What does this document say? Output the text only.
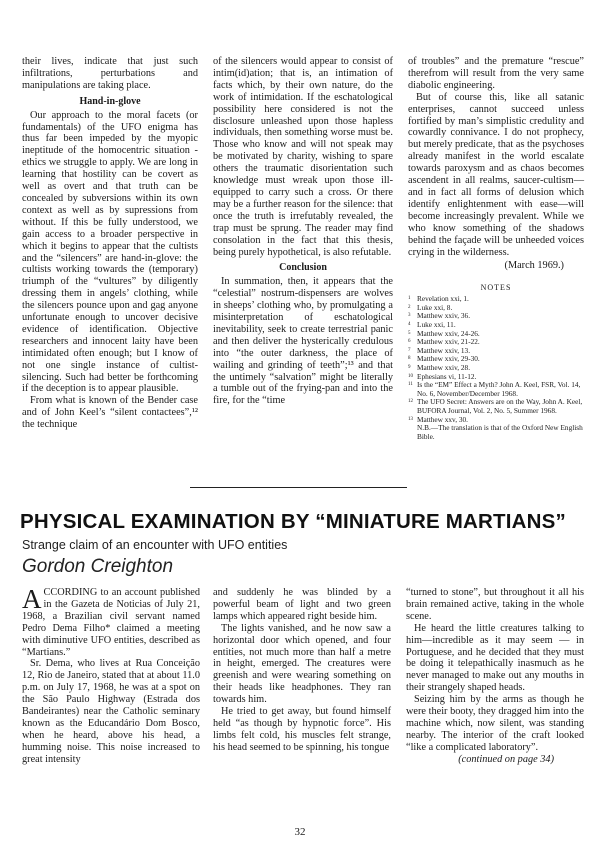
their lives, indicate that just such infiltrations, perturbations and manipulations are taking place.

Hand-in-glove

Our approach to the moral facets (or fundamentals) of the UFO enigma has thus far been impeded by the myopic ineptitude of the homocentric situation - ethics we struggle to apply. We are long in learning that hostility can be covert as well as overt and that truth can be concealed by subversions within its own context as well as by supressions from without. If this be fully understood, we gain access to a broader perspective in which it begins to appear that the cultists and the “silencers” are hand-in-glove: the cultists working towards the (temporary) triumph of the “vultures” by diligently dressing them in angels’ clothing, while the silencers pounce upon and gag anyone unfortunate enough to uncover decisive evidence of identification. Objective researchers and innocent laity have been intimidated often enough; but I know of not one single instance of cultist-silencing. Such had better be forthcoming if the deception is to appear plausible.

From what is known of the Bender case and of John Keel’s “silent contactees”,¹² the technique

of the silencers would appear to consist of intim(id)ation; that is, an intimation of facts which, by their own nature, do the work of intimidation. If the eschatological possibility here considered is not the disclosure unleashed upon those hapless individuals, then something worse must be. Those who know and will not speak may be motivated by charity, wishing to spare others the traumatic disorientation such knowledge must wreak upon those ill-equipped to carry such a cross. Or there may be a further reason for the silence: that once the truth is irrefutably revealed, the trap must be sprung. The reader may find consolation in the fact that this thesis, being purely hypothetical, is also refutable.

Conclusion

In summation, then, it appears that the “celestial” nostrum-dispensers are wolves in sheeps’ clothing who, by promulgating a misinterpretation of eschatological inevitability, seek to create terrestrial panic and then deliver the hysterically credulous into “the outer darkness, the place of wailing and grinding of teeth”;¹³ and that the untimely “salvation” might be literally a tumble out of the frying-pan and into the fire, for the “time

of troubles” and the premature “rescue” therefrom will result from the very same diabolic engineering.

But of course this, like all satanic enterprises, cannot succeed unless fortified by man’s simplistic credulity and cowardly connivance. I do not prophecy, but merely predicate, that as the psychoses already manifest in the world escalate towards paroxysm and as chaos becomes ascendent in all realms, saucer-cultism—and in fact all forms of delusion which identify enlightenment with ease—will become increasingly prevalent. While we who know something of the shadows behind the façade will be unheeded voices crying in the wilderness.

(March 1969.)
NOTES
1 Revelation xxi, 1.
2 Luke xxi, 8.
3 Matthew xxiv, 36.
4 Luke xxi, 11.
5 Matthew xxiv, 24-26.
6 Matthew xxiv, 21-22.
7 Matthew xxiv, 13.
8 Matthew xxiv, 29-30.
9 Matthew xxiv, 28.
10 Ephesians vi, 11-12.
11 Is the “EM” Effect a Myth? John A. Keel, FSR, Vol. 14, No. 6, November/December 1968.
12 The UFO Secret: Answers are on the Way, John A. Keel, BUFORA Journal, Vol. 2, No. 5, Summer 1968.
13 Matthew xxv, 30.
N.B.—The translation is that of the Oxford New English Bible.
PHYSICAL EXAMINATION BY “MINIATURE MARTIANS”
Strange claim of an encounter with UFO entities
Gordon Creighton

ACCORDING to an account published in the Gazeta de Noticias of July 21, 1968, a Brazilian civil servant named Pedro Dema Filho* claimed a meeting with diminutive UFO entities, described as “Martians.”

Sr. Dema, who lives at Rua Conceição 12, Rio de Janeiro, stated that at about 11.0 p.m. on July 17, 1968, he was at a spot on the São Paulo Highway (Estrada dos Bandeirantes) near the Catholic seminary known as the Educandário Dom Bosco, when he heard, above his head, a humming noise. This noise increased to great intensity

and suddenly he was blinded by a powerful beam of light and two green lamps which appeared right beside him.

The lights vanished, and he now saw a horizontal door which opened, and four entities, not much more than half a metre in height, emerged. The creatures were greenish and were wearing something on their heads like headphones. They ran towards him.

He tried to get away, but found himself held “as though by hypnotic force”. His limbs felt cold, his muscles felt strange, his head seemed to be spinning, his tongue

“turned to stone”, but throughout it all his brain remained active, taking in the whole scene.

He heard the little creatures talking to him—incredible as it may seem — in Portuguese, and he decided that they must be doing it telepathically inasmuch as he never managed to make out any mouths in their strangely shaped heads.

Seizing him by the arms as though he were their booty, they dragged him into the machine which, now silent, was standing nearby. The interior of the craft looked “like a complicated laboratory”.

(continued on page 34)
32
